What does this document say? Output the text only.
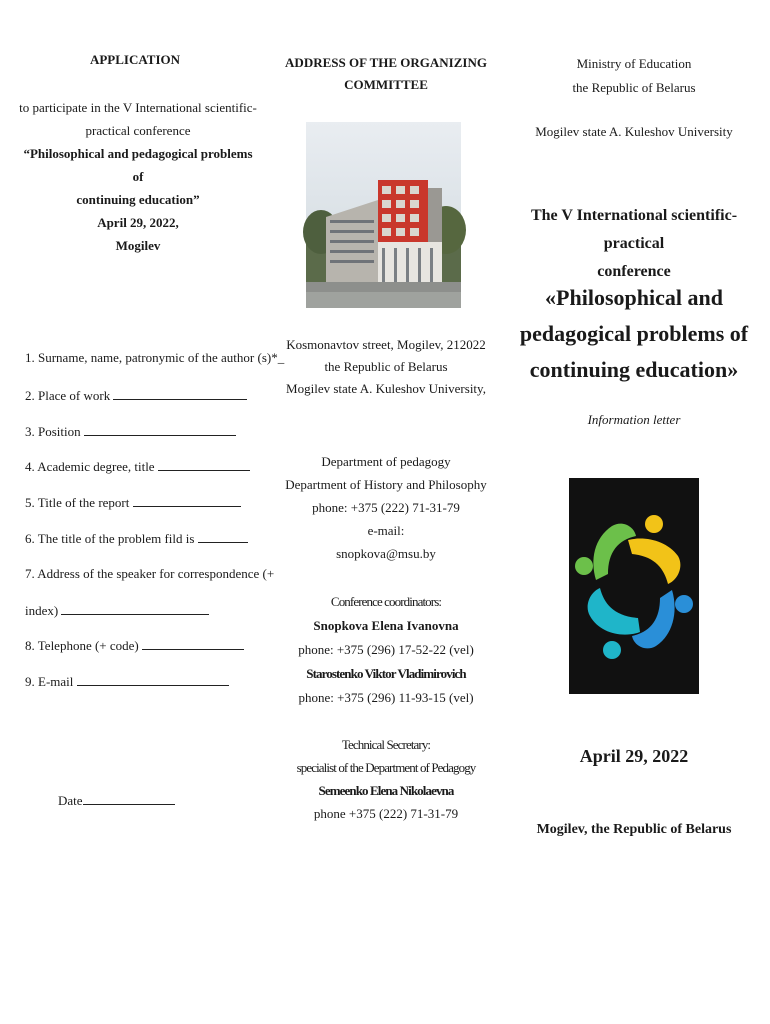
APPLICATION
to participate in the V International scientific-
practical conference
“Philosophical and pedagogical problems of
continuing education”
April 29, 2022,
Mogilev
1. Surname, name, patronymic of the author (s)*_
2. Place of work
3. Position
4. Academic degree, title
5. Title of the report
6. The title of the problem fild is
7. Address of the speaker for correspondence (+
index)
8. Telephone (+ code)
9. E-mail
Date
ADDRESS OF THE ORGANIZING
COMMITTEE
Kosmonavtov street, Mogilev, 212022
the Republic of Belarus
Mogilev state A. Kuleshov University,
Department of pedagogy
Department of History and Philosophy
phone: +375 (222) 71-31-79
e-mail:
snopkova@msu.by
Conference coordinators:
Snopkova Elena Ivanovna
phone: +375 (296) 17-52-22 (vel)
Starostenko Viktor Vladimirovich
phone: +375 (296) 11-93-15 (vel)
Technical Secretary:
specialist of the Department of Pedagogy
Semeenko Elena Nikolaevna
phone +375 (222) 71-31-79
Ministry of Education
the Republic of Belarus
Mogilev state A. Kuleshov University
The V International scientific-practical
conference
«Philosophical and
pedagogical problems of
continuing education»
Information letter
April 29, 2022
Mogilev, the Republic of Belarus
